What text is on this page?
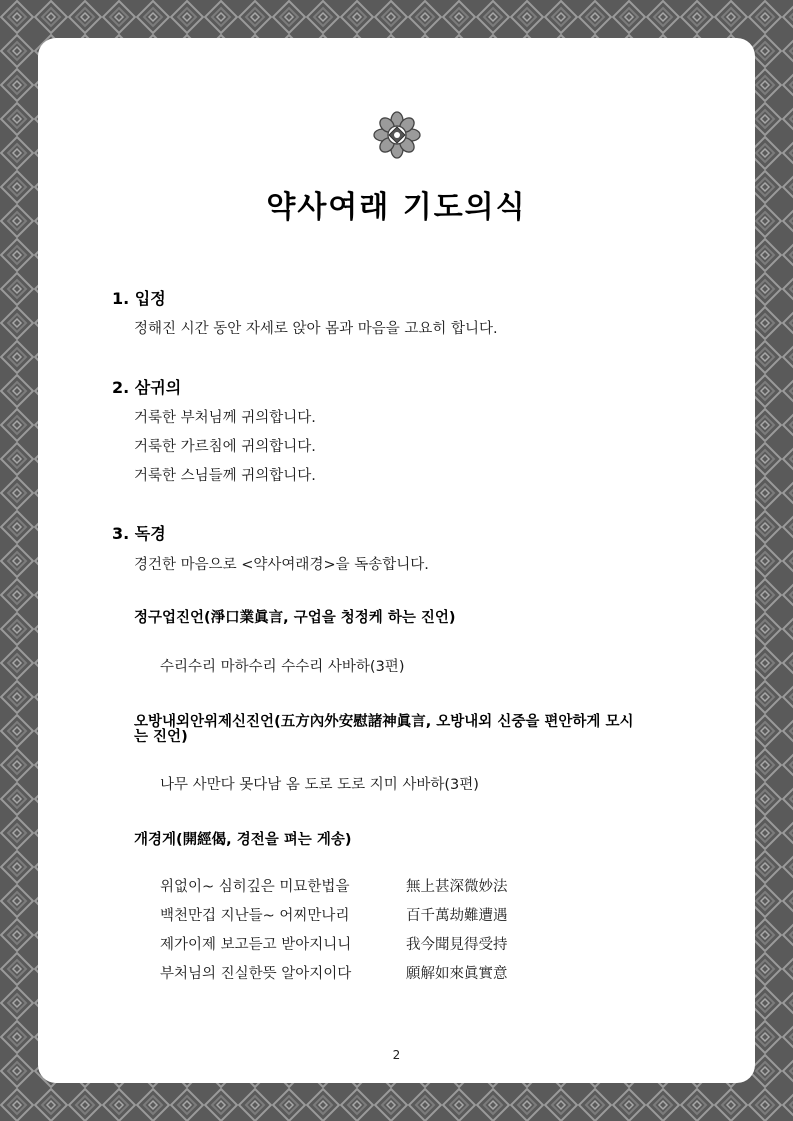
약사여래 기도의식
1. 입정
정해진 시간 동안 자세로 앉아 몸과 마음을 고요히 합니다.
2. 삼귀의
거룩한 부처님께 귀의합니다.
거룩한 가르침에 귀의합니다.
거룩한 스님들께 귀의합니다.
3. 독경
경건한 마음으로 <약사여래경>을 독송합니다.
정구업진언(淨口業眞言, 구업을 청정케 하는 진언)
수리수리 마하수리 수수리 사바하(3편)
오방내외안위제신진언(五方內外安慰諸神眞言, 오방내외 신중을 편안하게 모시
는 진언)
나무 사만다 못다남 옴 도로 도로 지미 사바하(3편)
개경게(開經偈, 경전을 펴는 게송)
위없이~ 심히깊은 미묘한법을	無上甚深微妙法
백천만겁 지난들~ 어찌만나리	百千萬劫難遭遇
제가이제 보고듣고 받아지니니	我今聞見得受持
부처님의 진실한뜻 알아지이다	願解如來眞實意
2
